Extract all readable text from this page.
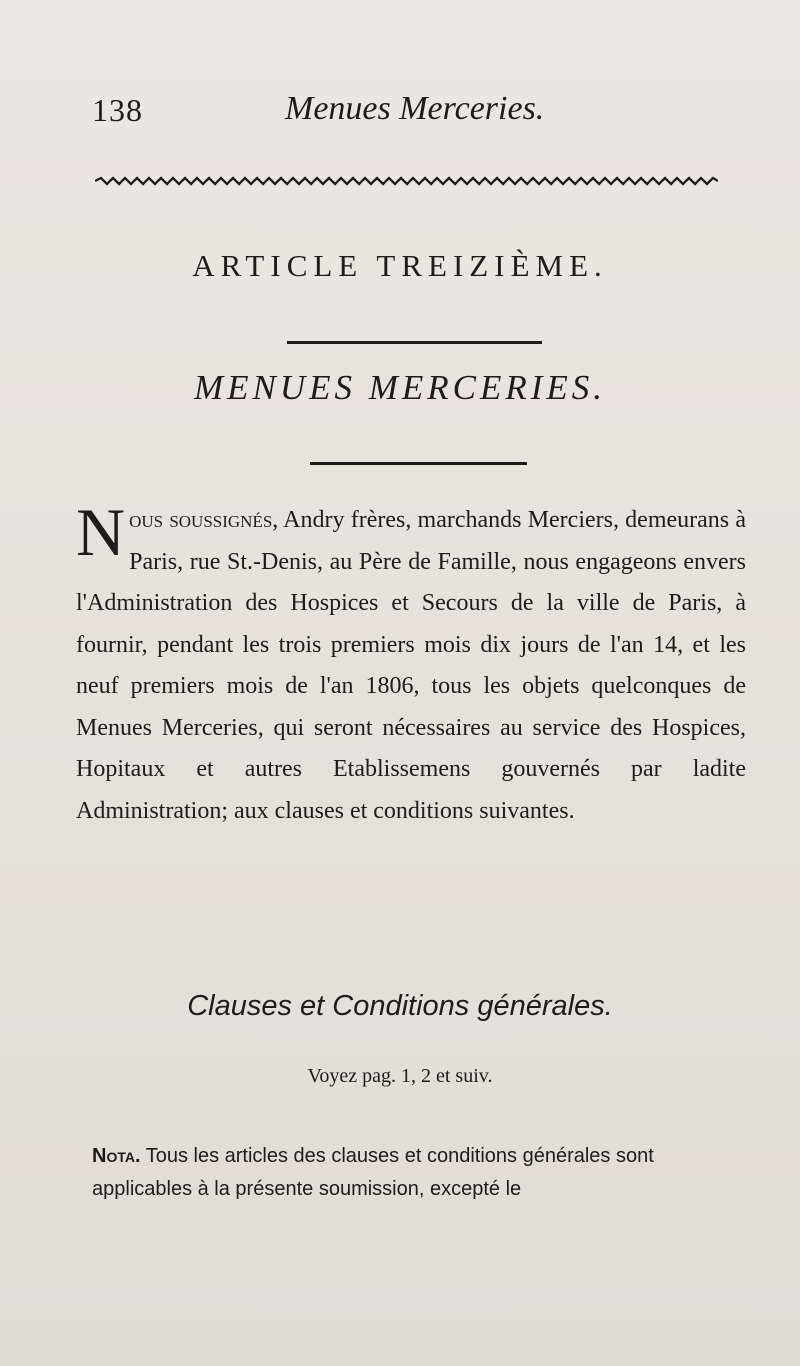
138	Menues Merceries.
ARTICLE TREIZIÈME.
MENUES MERCERIES.
Nous soussignés, Andry frères, marchands Merciers, demeurans à Paris, rue St.-Denis, au Père de Famille, nous engageons envers l'Administration des Hospices et Secours de la ville de Paris, à fournir, pendant les trois premiers mois dix jours de l'an 14, et les neuf premiers mois de l'an 1806, tous les objets quelconques de Menues Merceries, qui seront nécessaires au service des Hospices, Hopitaux et autres Etablissemens gouvernés par ladite Administration; aux clauses et conditions suivantes.
Clauses et Conditions générales.
Voyez pag. 1, 2 et suiv.
Nota. Tous les articles des clauses et conditions générales sont applicables à la présente soumission, excepté le
